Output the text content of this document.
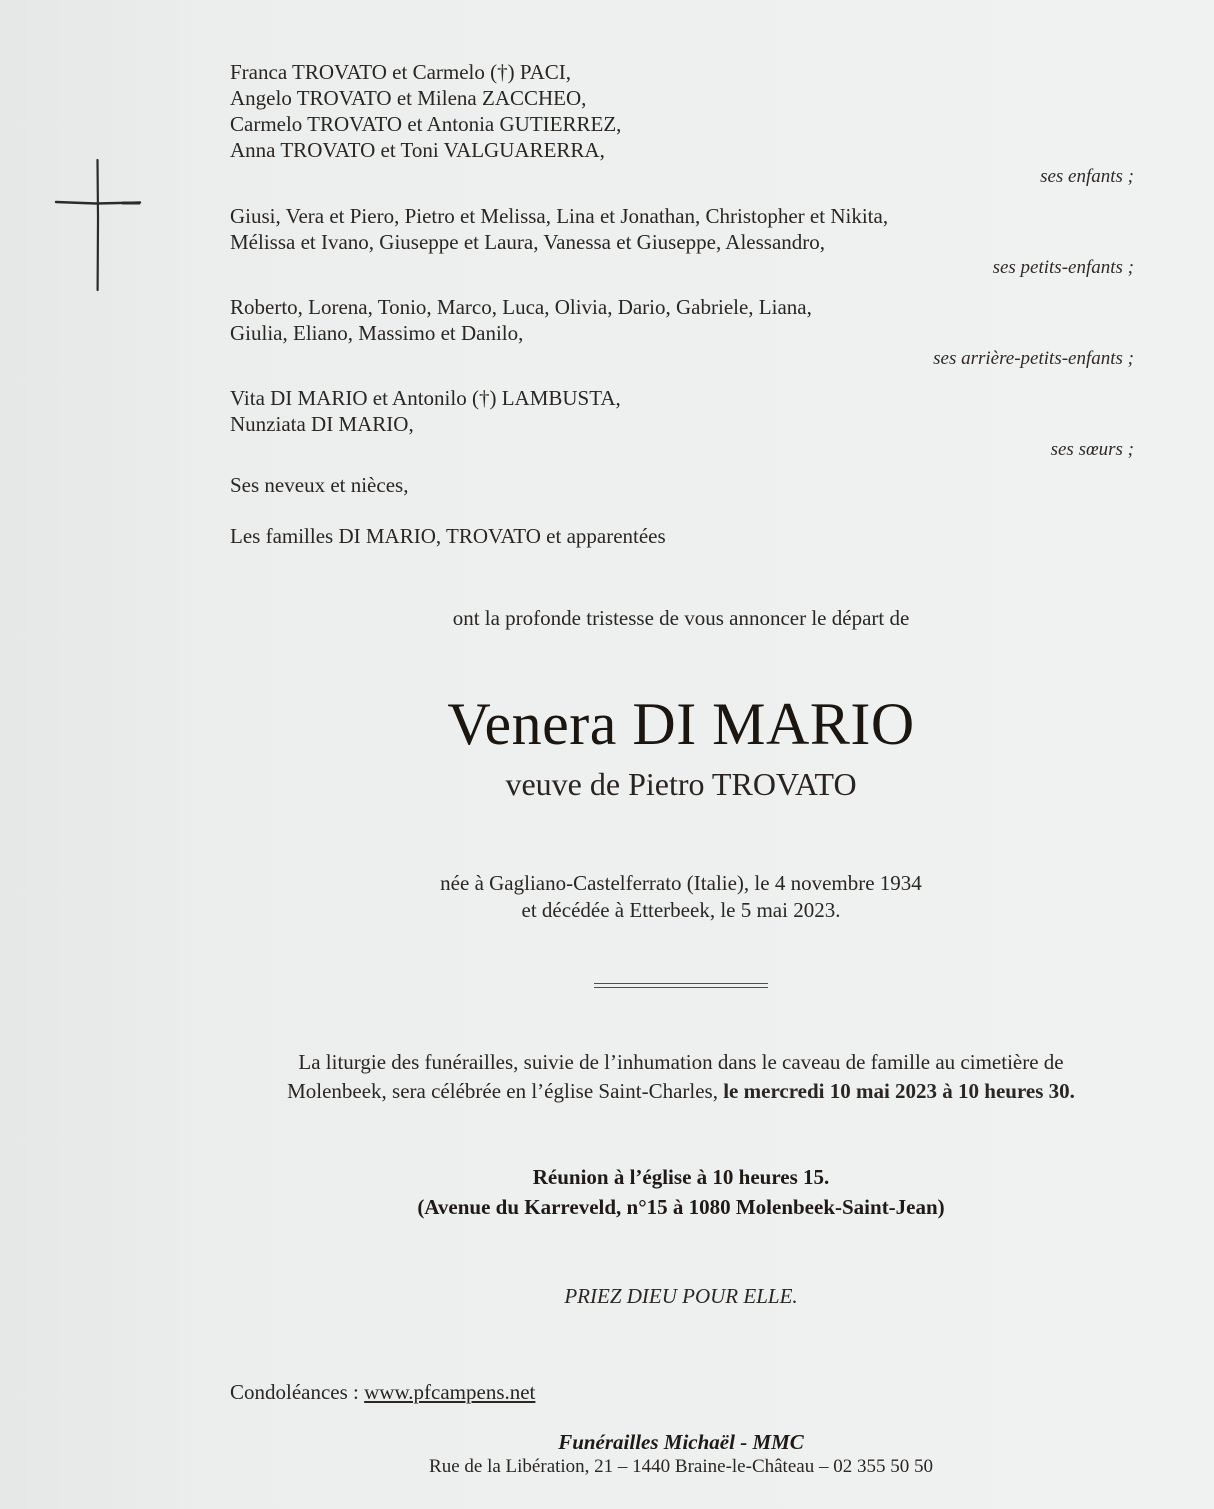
Franca TROVATO et Carmelo (†) PACI,
Angelo TROVATO et Milena ZACCHEO,
Carmelo TROVATO et Antonia GUTIERREZ,
Anna TROVATO et Toni VALGUARERRA,
ses enfants ;
Giusi, Vera et Piero, Pietro et Melissa, Lina et Jonathan, Christopher et Nikita,
Mélissa et Ivano, Giuseppe et Laura, Vanessa et Giuseppe, Alessandro,
ses petits-enfants ;
Roberto, Lorena, Tonio, Marco, Luca, Olivia, Dario, Gabriele, Liana,
Giulia, Eliano, Massimo et Danilo,
ses arrière-petits-enfants ;
Vita DI MARIO et Antonilo (†) LAMBUSTA,
Nunziata DI MARIO,
ses sœurs ;
Ses neveux et nièces,
Les familles DI MARIO, TROVATO et apparentées
ont la profonde tristesse de vous annoncer le départ de
Venera DI MARIO
veuve de Pietro TROVATO
née à Gagliano-Castelferrato (Italie), le 4 novembre 1934
et décédée à Etterbeek, le 5 mai 2023.
La liturgie des funérailles, suivie de l’inhumation dans le caveau de famille au cimetière de
Molenbeek, sera célébrée en l’église Saint-Charles, le mercredi 10 mai 2023 à 10 heures 30.
Réunion à l’église à 10 heures 15.
(Avenue du Karreveld, n°15 à 1080 Molenbeek-Saint-Jean)
PRIEZ DIEU POUR ELLE.
Condoléances : www.pfcampens.net
Funérailles Michaël - MMC
Rue de la Libération, 21 – 1440 Braine-le-Château – 02 355 50 50
